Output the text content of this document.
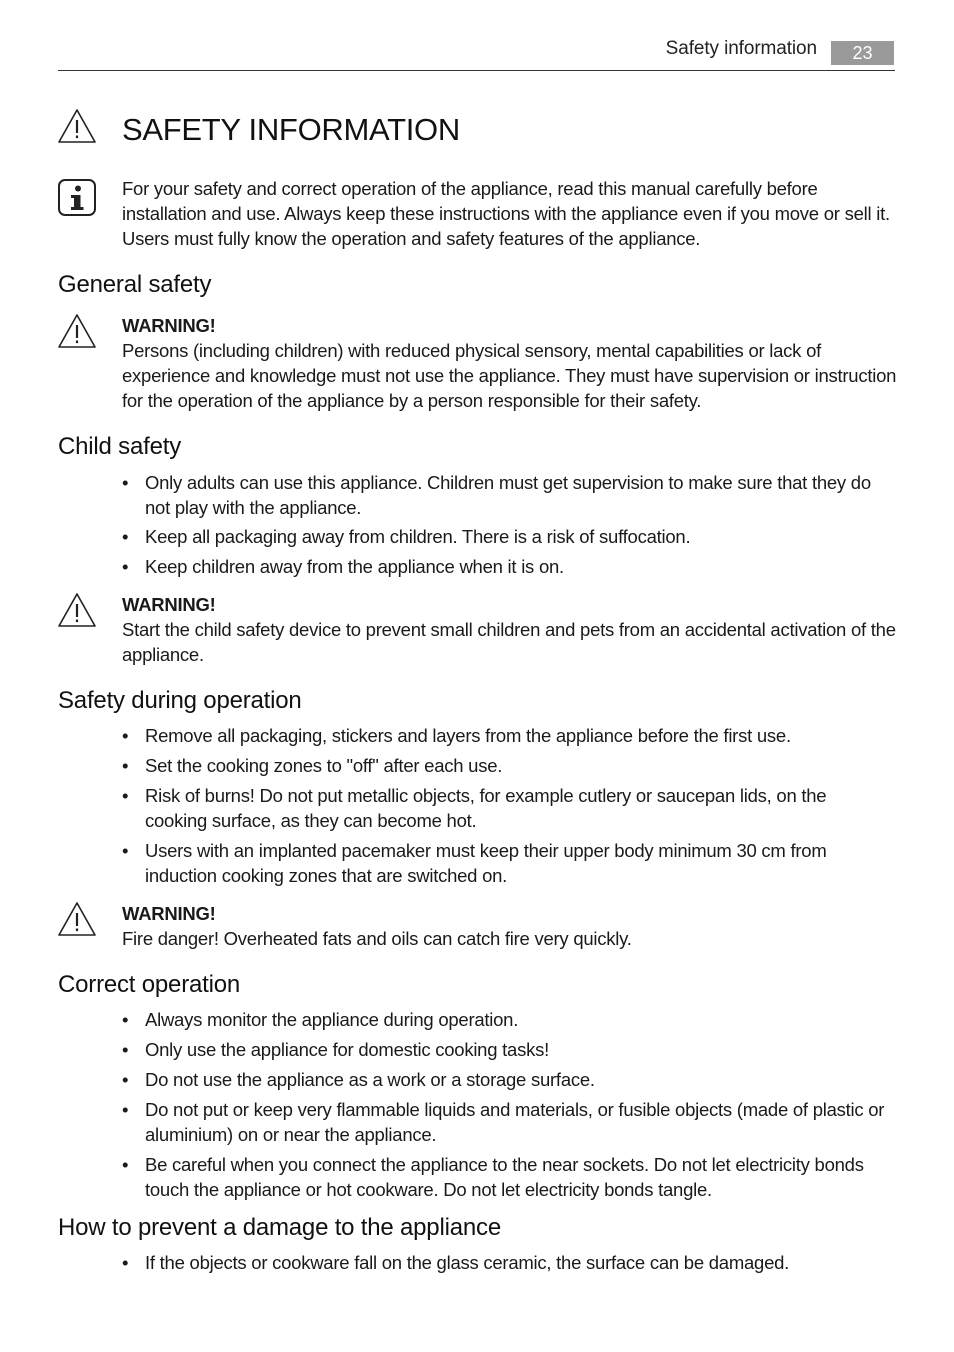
Safety information	23
SAFETY INFORMATION
For your safety and correct operation of the appliance, read this manual carefully before installation and use. Always keep these instructions with the appliance even if you move or sell it. Users must fully know the operation and safety features of the appliance.
General safety
WARNING!
Persons (including children) with reduced physical sensory, mental capabilities or lack of experience and knowledge must not use the appliance. They must have supervision or instruction for the operation of the appliance by a person responsible for their safety.
Child safety
• Only adults can use this appliance. Children must get supervision to make sure that they do not play with the appliance.
• Keep all packaging away from children. There is a risk of suffocation.
• Keep children away from the appliance when it is on.
WARNING!
Start the child safety device to prevent small children and pets from an accidental activation of the appliance.
Safety during operation
• Remove all packaging, stickers and layers from the appliance before the first use.
• Set the cooking zones to "off" after each use.
• Risk of burns! Do not put metallic objects, for example cutlery or saucepan lids, on the cooking surface, as they can become hot.
• Users with an implanted pacemaker must keep their upper body minimum 30 cm from induction cooking zones that are switched on.
WARNING!
Fire danger! Overheated fats and oils can catch fire very quickly.
Correct operation
• Always monitor the appliance during operation.
• Only use the appliance for domestic cooking tasks!
• Do not use the appliance as a work or a storage surface.
• Do not put or keep very flammable liquids and materials, or fusible objects (made of plastic or aluminium) on or near the appliance.
• Be careful when you connect the appliance to the near sockets. Do not let electricity bonds touch the appliance or hot cookware. Do not let electricity bonds tangle.
How to prevent a damage to the appliance
• If the objects or cookware fall on the glass ceramic, the surface can be damaged.
